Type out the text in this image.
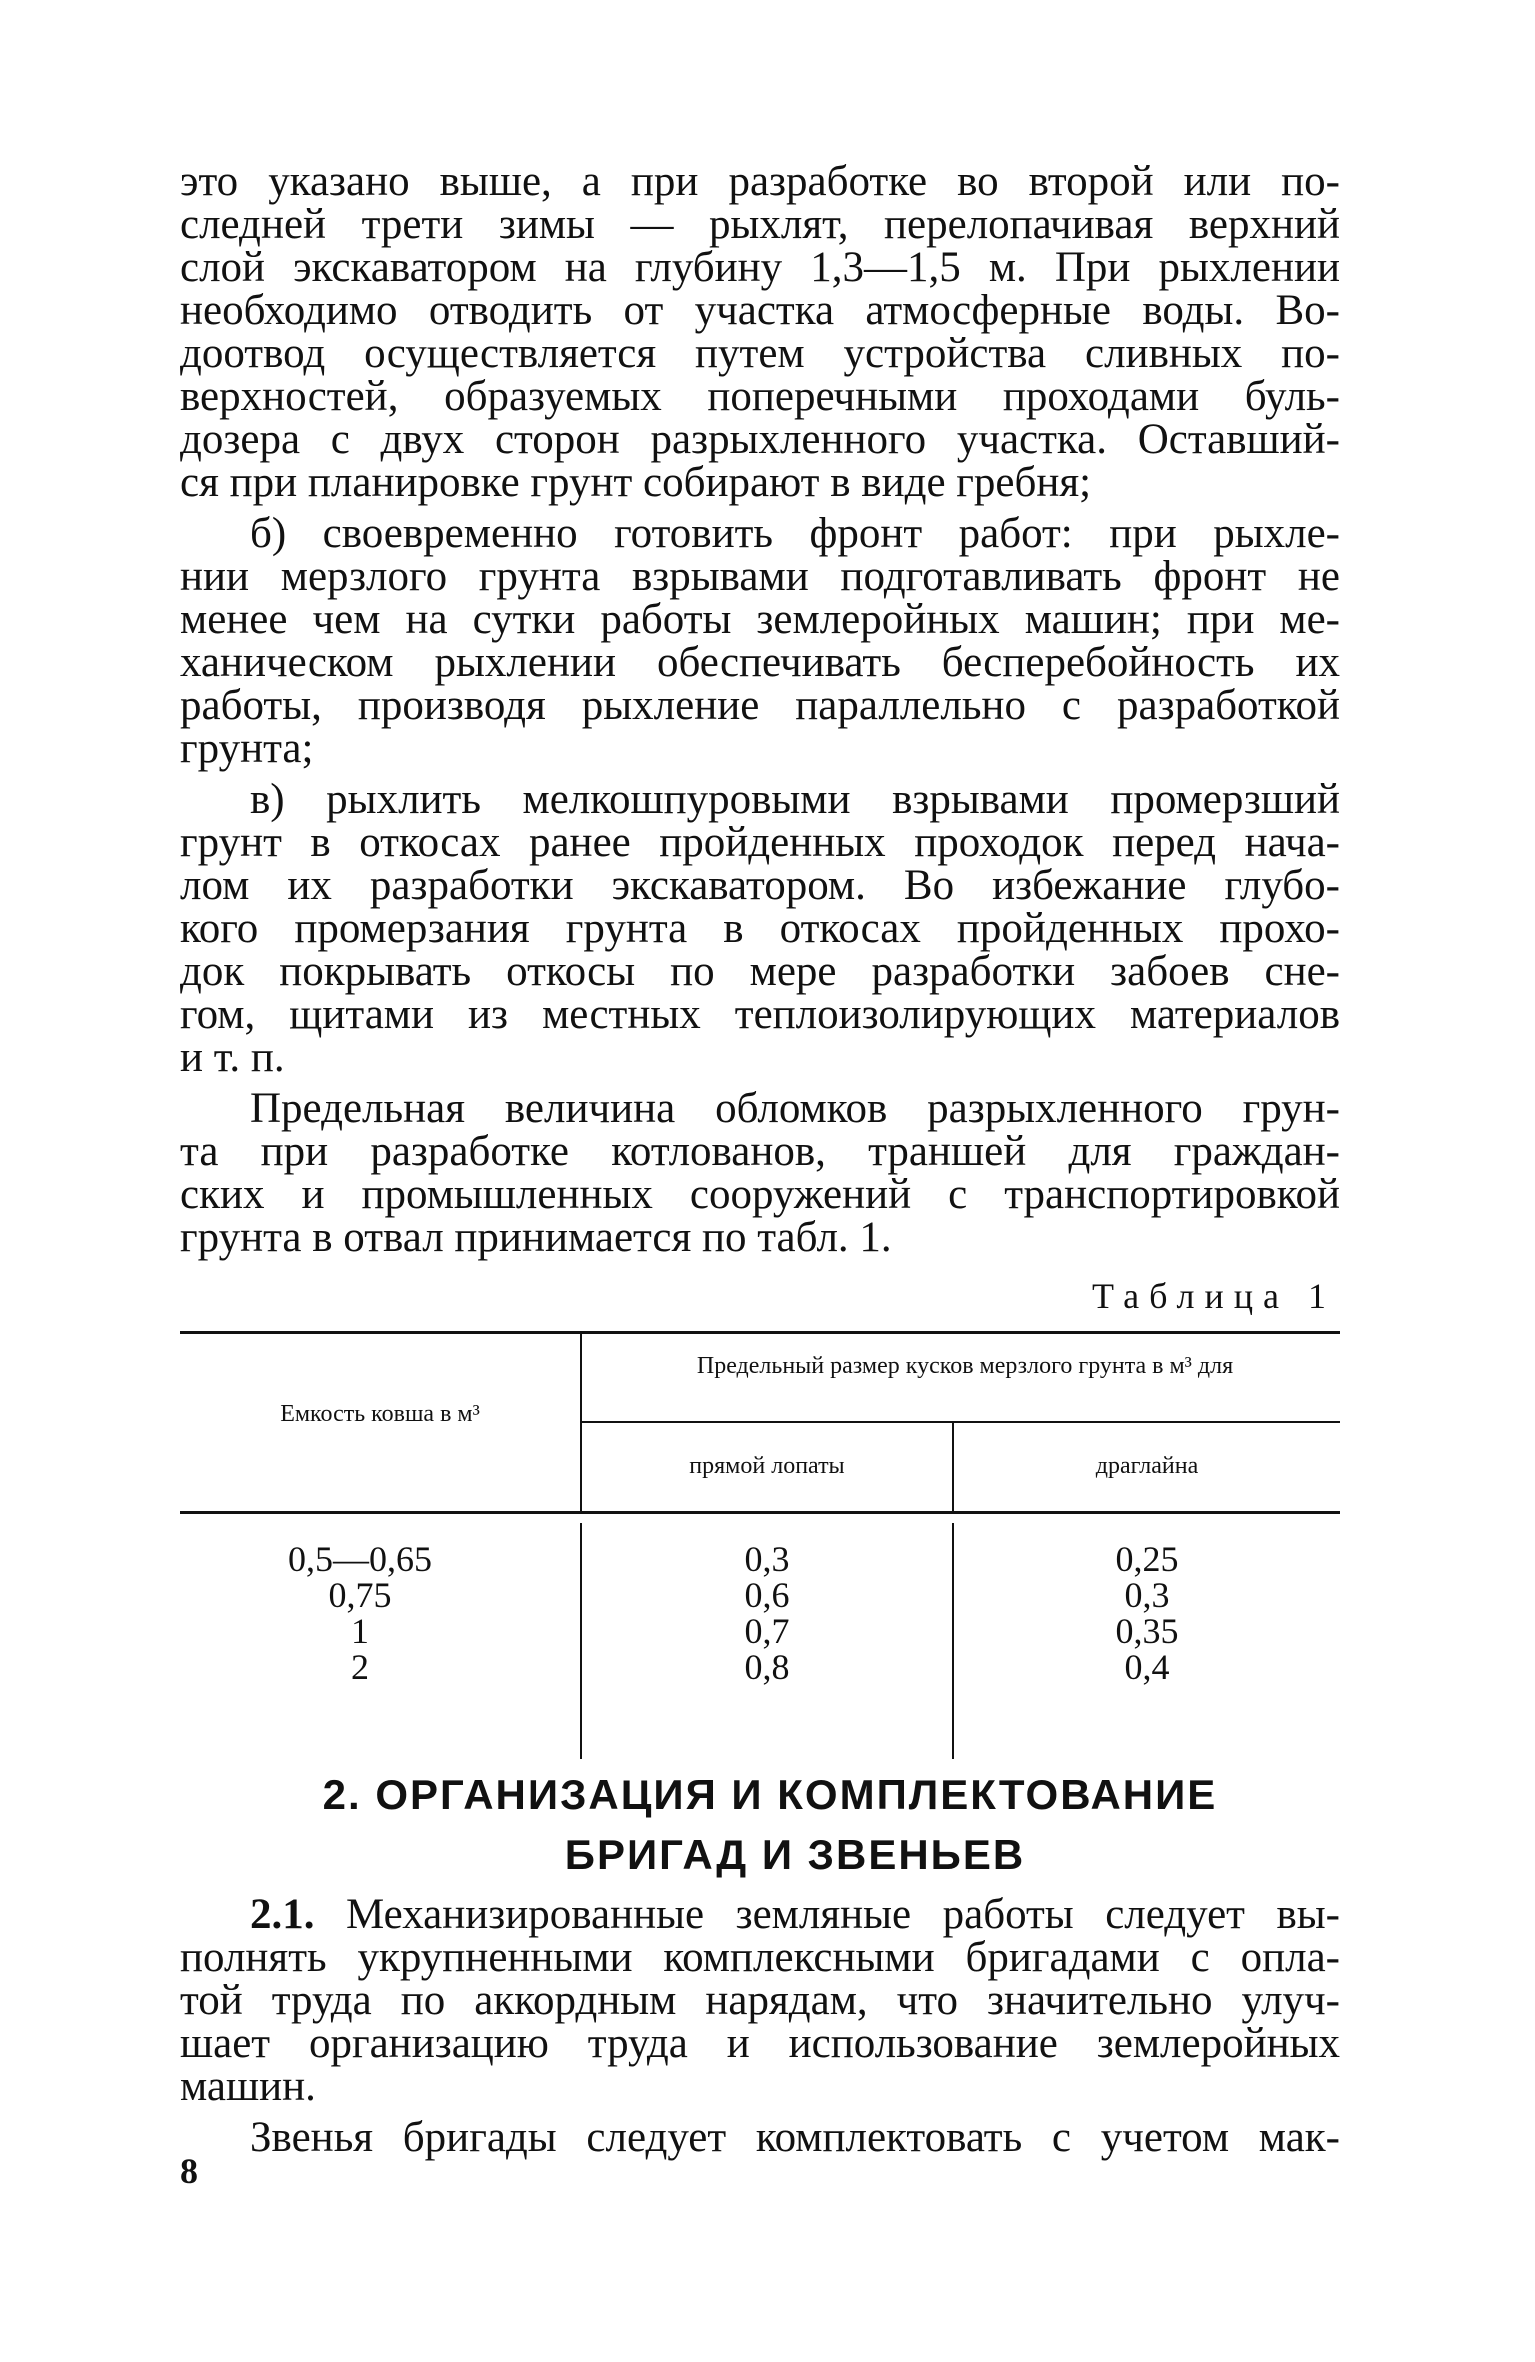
это указано выше, а при разработке во второй или по-
следней трети зимы — рыхлят, перелопачивая верхний
слой экскаватором на глубину 1,3—1,5 м. При рыхлении
необходимо отводить от участка атмосферные воды. Во-
доотвод осуществляется путем устройства сливных по-
верхностей, образуемых поперечными проходами буль-
дозера с двух сторон разрыхленного участка. Оставший-
ся при планировке грунт собирают в виде гребня;

б) своевременно готовить фронт работ: при рыхле-
нии мерзлого грунта взрывами подготавливать фронт не
менее чем на сутки работы землеройных машин; при ме-
ханическом рыхлении обеспечивать бесперебойность их
работы, производя рыхление параллельно с разработкой
грунта;

в) рыхлить мелкошпуровыми взрывами промерзший
грунт в откосах ранее пройденных проходок перед нача-
лом их разработки экскаватором. Во избежание глубо-
кого промерзания грунта в откосах пройденных прохо-
док покрывать откосы по мере разработки забоев сне-
гом, щитами из местных теплоизолирующих материалов
и т. п.

Предельная величина обломков разрыхленного грун-
та при разработке котлованов, траншей для граждан-
ских и промышленных сооружений с транспортировкой
грунта в отвал принимается по табл. 1.

Таблица 1
Емкость ковша в м³
Предельный размер кусков мерзлого грунта в м³ для
прямой лопаты	драглайна
0,5—0,65
0,75
1
2
0,3
0,6
0,7
0,8
0,25
0,3
0,35
0,4
2. ОРГАНИЗАЦИЯ И КОМПЛЕКТОВАНИЕ
БРИГАД И ЗВЕНЬЕВ

2.1. Механизированные земляные работы следует вы-
полнять укрупненными комплексными бригадами с опла-
той труда по аккордным нарядам, что значительно улуч-
шает организацию труда и использование землеройных
машин.

Звенья бригады следует комплектовать с учетом мак-

8
